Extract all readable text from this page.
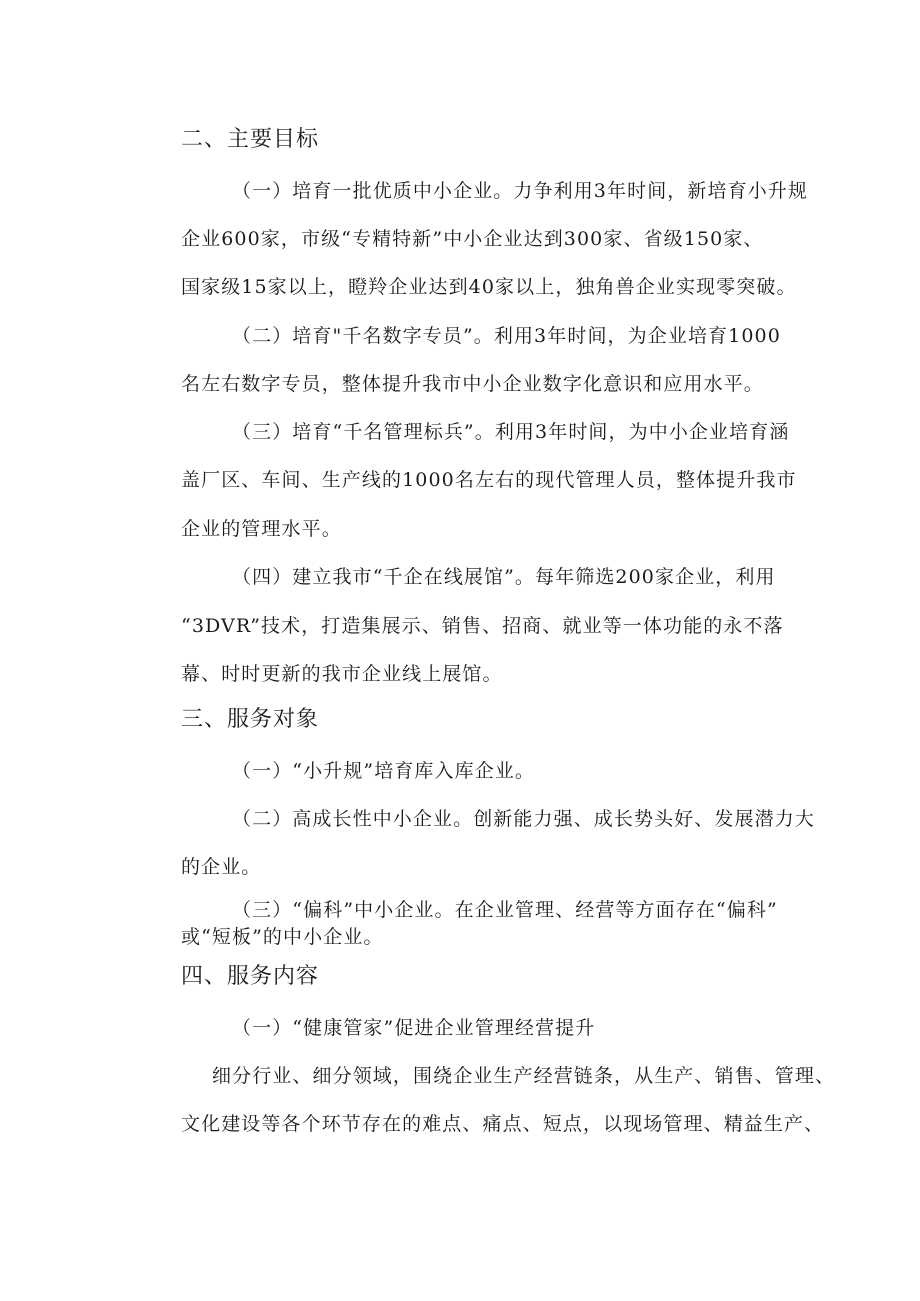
二、主要目标
（一）培育一批优质中小企业。力争利用3年时间，新培育小升规
企业600家，市级“专精特新”中小企业达到300家、省级150家、
国家级15家以上，瞪羚企业达到40家以上，独角兽企业实现零突破。
（二）培育"千名数字专员”。利用3年时间，为企业培育1000
名左右数字专员，整体提升我市中小企业数字化意识和应用水平。
（三）培育“千名管理标兵”。利用3年时间，为中小企业培育涵
盖厂区、车间、生产线的1000名左右的现代管理人员，整体提升我市
企业的管理水平。
（四）建立我市“千企在线展馆”。每年筛选200家企业，利用
“3DVR”技术，打造集展示、销售、招商、就业等一体功能的永不落
幕、时时更新的我市企业线上展馆。
三、服务对象
（一）“小升规”培育库入库企业。
（二）高成长性中小企业。创新能力强、成长势头好、发展潜力大
的企业。
（三）“偏科”中小企业。在企业管理、经营等方面存在“偏科”
或“短板”的中小企业。
四、服务内容
（一）“健康管家”促进企业管理经营提升
细分行业、细分领域，围绕企业生产经营链条，从生产、销售、管理、
文化建设等各个环节存在的难点、痛点、短点，以现场管理、精益生产、
